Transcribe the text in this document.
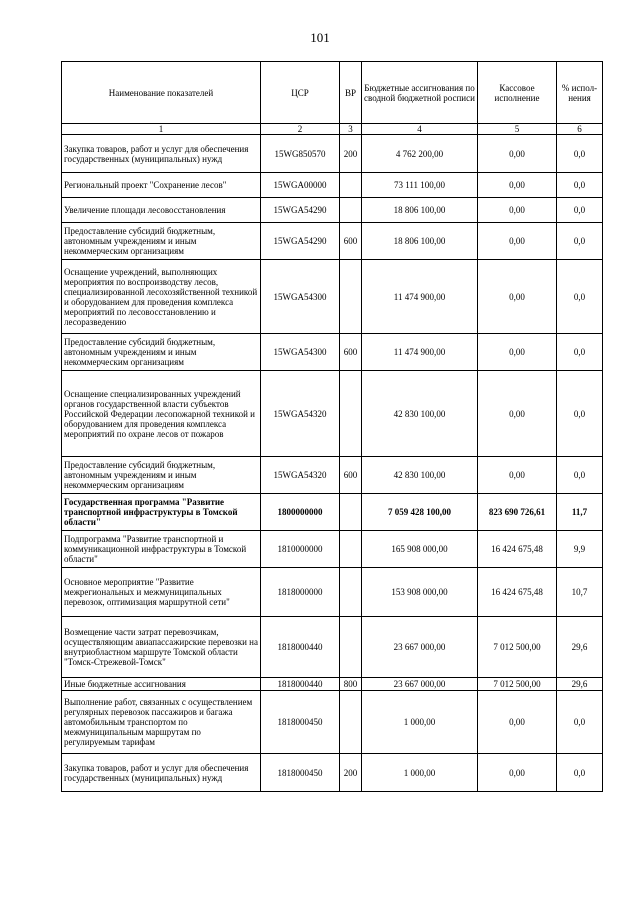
101
Наименование показателей	ЦСР	ВР	Бюджетные ассигнования по сводной бюджетной росписи	Кассовое исполнение	% испол- нения
1	2	3	4	5	6
Закупка товаров, работ и услуг для обеспечения государственных (муниципальных) нужд	15WG850570	200	4 762 200,00	0,00	0,0
Региональный проект "Сохранение лесов"	15WGA00000		73 111 100,00	0,00	0,0
Увеличение площади лесовосстановления	15WGA54290		18 806 100,00	0,00	0,0
Предоставление субсидий бюджетным, автономным учреждениям и иным некоммерческим организациям	15WGA54290	600	18 806 100,00	0,00	0,0
Оснащение учреждений, выполняющих мероприятия по воспроизводству лесов, специализированной лесохозяйственной техникой и оборудованием для проведения комплекса мероприятий по лесовосстановлению и лесоразведению	15WGA54300		11 474 900,00	0,00	0,0
Предоставление субсидий бюджетным, автономным учреждениям и иным некоммерческим организациям	15WGA54300	600	11 474 900,00	0,00	0,0
Оснащение специализированных учреждений органов государственной власти субъектов Российской Федерации лесопожарной техникой и оборудованием для проведения комплекса мероприятий по охране лесов от пожаров	15WGA54320		42 830 100,00	0,00	0,0
Предоставление субсидий бюджетным, автономным учреждениям и иным некоммерческим организациям	15WGA54320	600	42 830 100,00	0,00	0,0
Государственная программа "Развитие транспортной инфраструктуры в Томской области"	1800000000		7 059 428 100,00	823 690 726,61	11,7
Подпрограмма "Развитие транспортной и коммуникационной инфраструктуры в Томской области"	1810000000		165 908 000,00	16 424 675,48	9,9
Основное мероприятие "Развитие межрегиональных и межмуниципальных перевозок, оптимизация маршрутной сети"	1818000000		153 908 000,00	16 424 675,48	10,7
Возмещение части затрат перевозчикам, осуществляющим авиапассажирские перевозки на внутриобластном маршруте Томской области "Томск-Стрежевой-Томск"	1818000440		23 667 000,00	7 012 500,00	29,6
Иные бюджетные ассигнования	1818000440	800	23 667 000,00	7 012 500,00	29,6
Выполнение работ, связанных с осуществлением регулярных перевозок пассажиров и багажа автомобильным транспортом по межмуниципальным маршрутам по регулируемым тарифам	1818000450		1 000,00	0,00	0,0
Закупка товаров, работ и услуг для обеспечения государственных (муниципальных) нужд	1818000450	200	1 000,00	0,00	0,0
